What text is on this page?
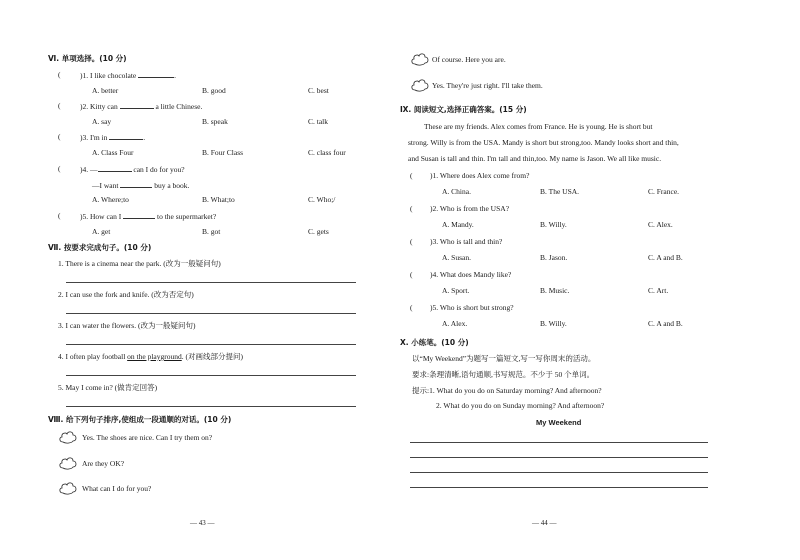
Ⅵ. 单项选择。(10 分)
(	)1. I like chocolate	.
A. better	B. good	C. best
(	)2. Kitty can	a little Chinese.
A. say	B. speak	C. talk
(	)3. I'm in	.
A. Class Four	B. Four Class	C. class four
(	)4. —	can I do for you?
—I want	buy a book.
A. Where;to	B. What;to	C. Who;/
(	)5. How can I	to the supermarket?
A. get	B. got	C. gets
Ⅶ. 按要求完成句子。(10 分)
1. There is a cinema near the park. (改为一般疑问句)
2. I can use the fork and knife. (改为否定句)
3. I can water the flowers. (改为一般疑问句)
4. I often play football on the playground. (对画线部分提问)
5. May I come in? (做肯定回答)
Ⅷ. 给下列句子排序,使组成一段通顺的对话。(10 分)
Yes. The shoes are nice. Can I try them on?
Are they OK?
What can I do for you?
— 43 —
Of course. Here you are.
Yes. They're just right. I'll take them.
Ⅸ. 阅读短文,选择正确答案。(15 分)
These are my friends. Alex comes from France. He is young. He is short but
strong. Willy is from the USA. Mandy is short but strong,too. Mandy looks short and thin,
and Susan is tall and thin. I'm tall and thin,too. My name is Jason. We all like music.
( )1. Where does Alex come from?
A. China.	B. The USA.	C. France.
( )2. Who is from the USA?
A. Mandy.	B. Willy.	C. Alex.
( )3. Who is tall and thin?
A. Susan.	B. Jason.	C. A and B.
( )4. What does Mandy like?
A. Sport.	B. Music.	C. Art.
( )5. Who is short but strong?
A. Alex.	B. Willy.	C. A and B.
Ⅹ. 小练笔。(10 分)
以“My Weekend”为题写一篇短文,写一写你周末的活动。
要求:条理清晰,语句通顺,书写规范。不少于 50 个单词。
提示:1. What do you do on Saturday morning? And afternoon?
2. What do you do on Sunday morning? And afternoon?
My Weekend
— 44 —
